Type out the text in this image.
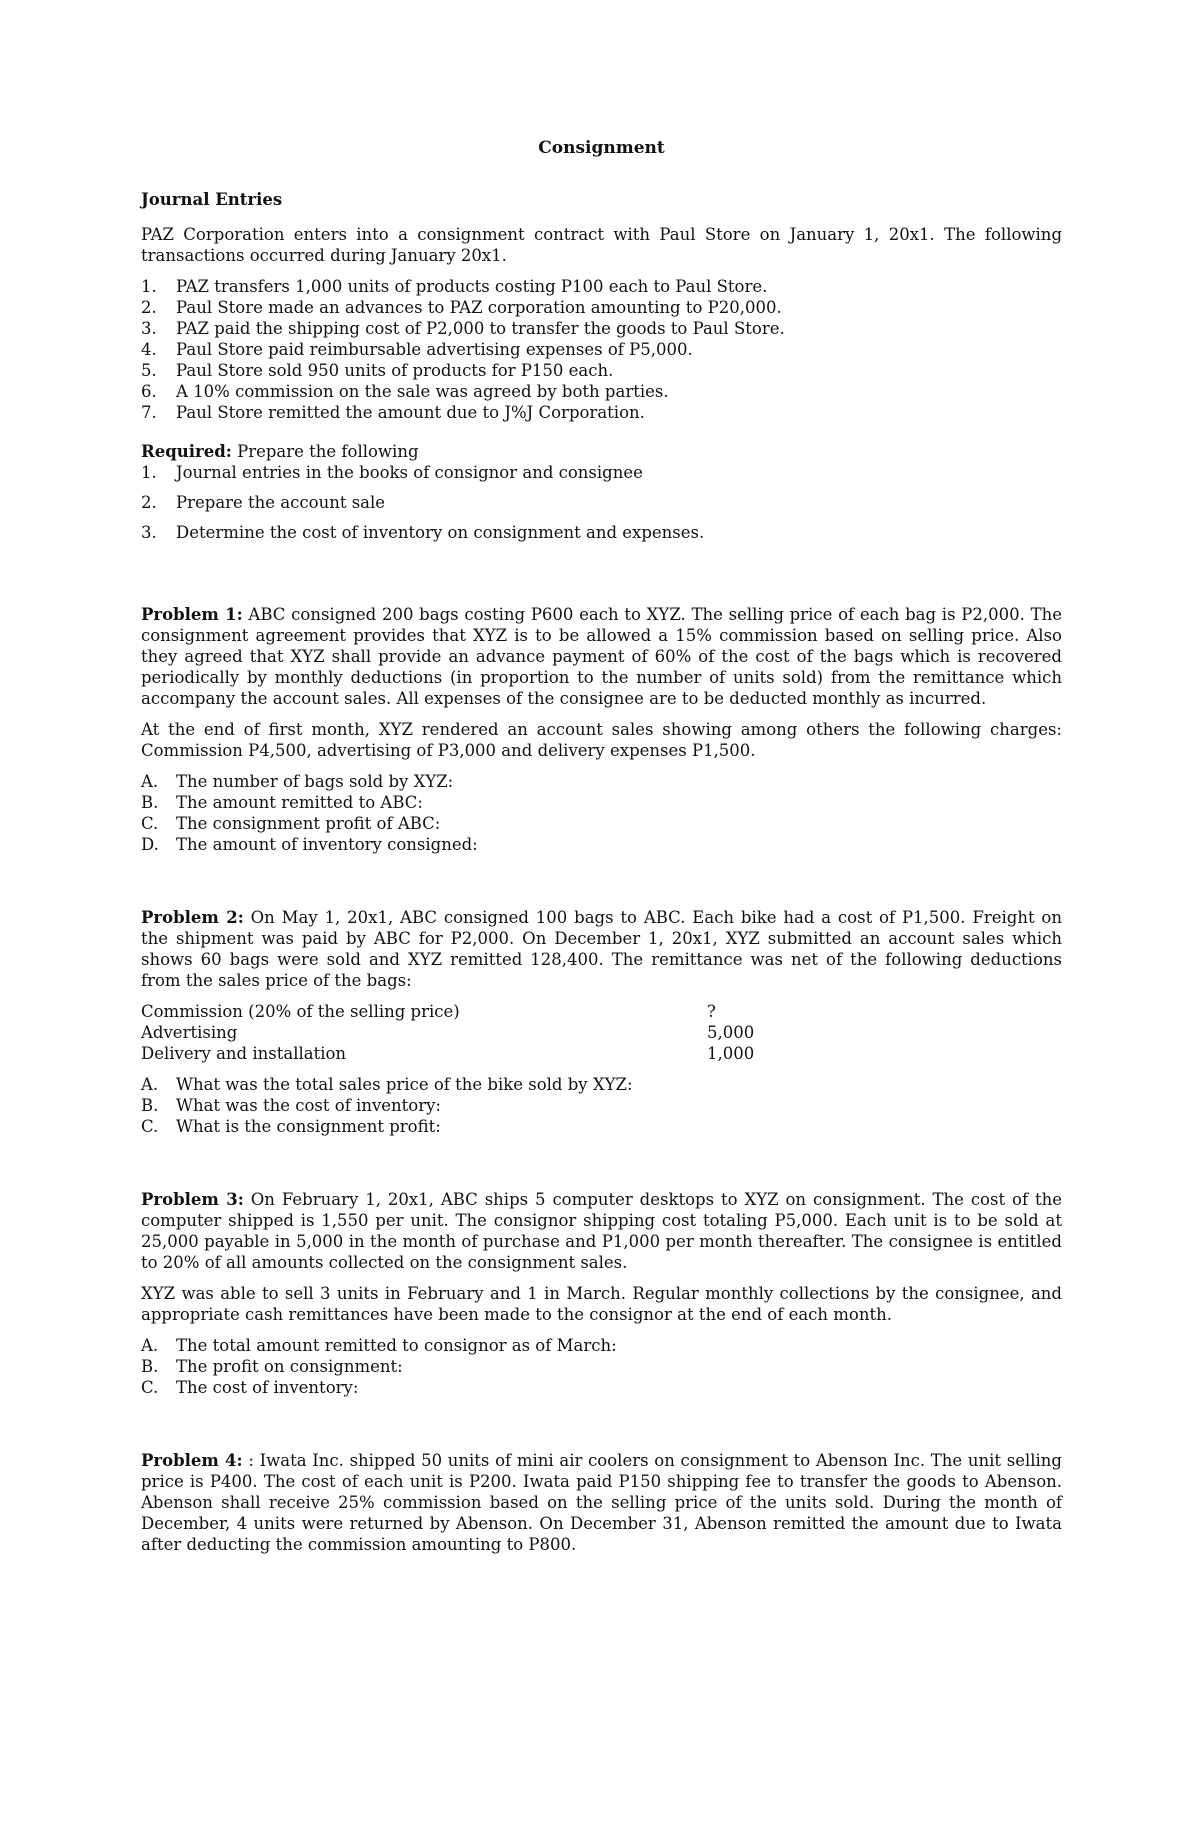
Consignment
Journal Entries

PAZ Corporation enters into a consignment contract with Paul Store on January 1, 20x1. The following transactions occurred during January 20x1.

1.	PAZ transfers 1,000 units of products costing P100 each to Paul Store.
2.	Paul Store made an advances to PAZ corporation amounting to P20,000.
3.	PAZ paid the shipping cost of P2,000 to transfer the goods to Paul Store.
4.	Paul Store paid reimbursable advertising expenses of P5,000.
5.	Paul Store sold 950 units of products for P150 each.
6.	A 10% commission on the sale was agreed by both parties.
7.	Paul Store remitted the amount due to J%J Corporation.

Required: Prepare the following

1.	Journal entries in the books of consignor and consignee
2.	Prepare the account sale
3.	Determine the cost of inventory on consignment and expenses.

Problem 1: ABC consigned 200 bags costing P600 each to XYZ. The selling price of each bag is P2,000. The consignment agreement provides that XYZ is to be allowed a 15% commission based on selling price. Also they agreed that XYZ shall provide an advance payment of 60% of the cost of the bags which is recovered periodically by monthly deductions (in proportion to the number of units sold) from the remittance which accompany the account sales. All expenses of the consignee are to be deducted monthly as incurred.

At the end of first month, XYZ rendered an account sales showing among others the following charges: Commission P4,500, advertising of P3,000 and delivery expenses P1,500.

A.	The number of bags sold by XYZ:
B.	The amount remitted to ABC:
C.	The consignment profit of ABC:
D.	The amount of inventory consigned:

Problem 2: On May 1, 20x1, ABC consigned 100 bags to ABC. Each bike had a cost of P1,500. Freight on the shipment was paid by ABC for P2,000. On December 1, 20x1, XYZ submitted an account sales which shows 60 bags were sold and XYZ remitted 128,400. The remittance was net of the following deductions from the sales price of the bags:

Commission (20% of the selling price)	?
Advertising	5,000
Delivery and installation	1,000
A.	What was the total sales price of the bike sold by XYZ:
B.	What was the cost of inventory:
C.	What is the consignment profit:

Problem 3: On February 1, 20x1, ABC ships 5 computer desktops to XYZ on consignment. The cost of the computer shipped is 1,550 per unit. The consignor shipping cost totaling P5,000. Each unit is to be sold at 25,000 payable in 5,000 in the month of purchase and P1,000 per month thereafter. The consignee is entitled to 20% of all amounts collected on the consignment sales.

XYZ was able to sell 3 units in February and 1 in March. Regular monthly collections by the consignee, and appropriate cash remittances have been made to the consignor at the end of each month.

A.	The total amount remitted to consignor as of March:
B.	The profit on consignment:
C.	The cost of inventory:

Problem 4: : Iwata Inc. shipped 50 units of mini air coolers on consignment to Abenson Inc. The unit selling price is P400. The cost of each unit is P200. Iwata paid P150 shipping fee to transfer the goods to Abenson. Abenson shall receive 25% commission based on the selling price of the units sold. During the month of December, 4 units were returned by Abenson. On December 31, Abenson remitted the amount due to Iwata after deducting the commission amounting to P800.
